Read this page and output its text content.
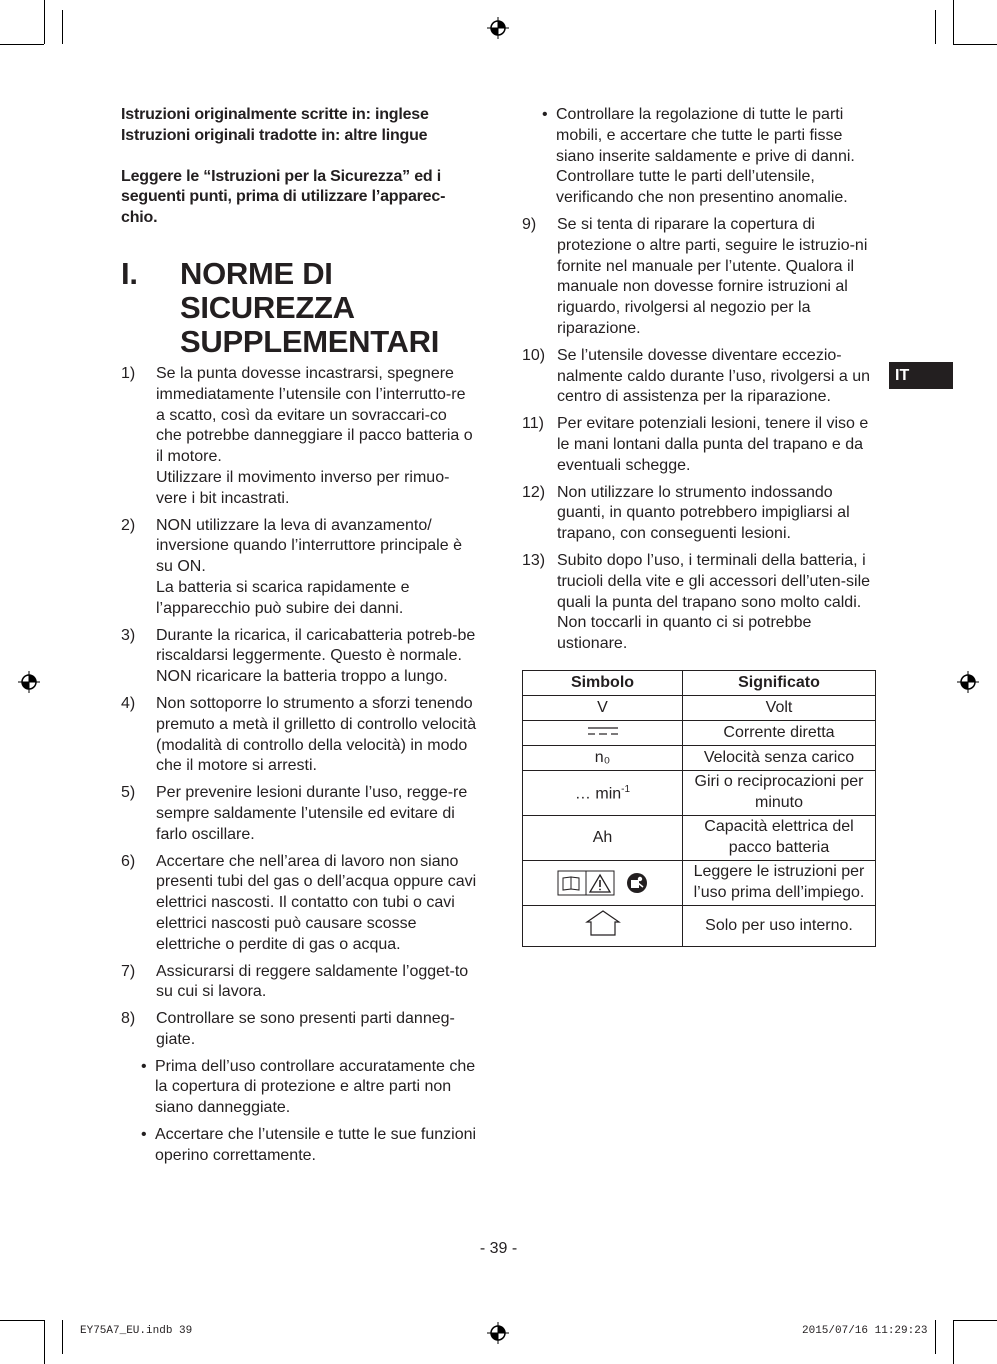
Istruzioni originalmente scritte in: inglese

Istruzioni originali tradotte in: altre lingue

Leggere le “Istruzioni per la Sicurezza” ed i seguenti punti, prima di utilizzare l’apparec-chio.

I.	NORME DI SICUREZZA
SUPPLEMENTARI
1)	Se la punta dovesse incastrarsi, spegnere immediatamente l’utensile con l’interrutto-re a scatto, così da evitare un sovraccari-co che potrebbe danneggiare il pacco batteria o il motore.
Utilizzare il movimento inverso per rimuo-vere i bit incastrati.
2)	NON utilizzare la leva di avanzamento/ inversione quando l’interruttore principale è su ON.
La batteria si scarica rapidamente e l’apparecchio può subire dei danni.
3)	Durante la ricarica, il caricabatteria potreb-be riscaldarsi leggermente. Questo è normale.
NON ricaricare la batteria troppo a lungo.
4)	Non sottoporre lo strumento a sforzi tenendo premuto a metà il grilletto di controllo velocità (modalità di controllo della velocità) in modo che il motore si arresti.
5)	Per prevenire lesioni durante l’uso, regge-re sempre saldamente l’utensile ed evitare di farlo oscillare.
6)	Accertare che nell’area di lavoro non siano presenti tubi del gas o dell’acqua oppure cavi elettrici nascosti. Il contatto con tubi o cavi elettrici nascosti può causare scosse elettriche o perdite di gas o acqua.
7)	Assicurarsi di reggere saldamente l’ogget-to su cui si lavora.
8)	Controllare se sono presenti parti danneg-giate.
• Prima dell’uso controllare accuratamente che la copertura di protezione e altre parti non siano danneggiate.
• Accertare che l’utensile e tutte le sue funzioni operino correttamente.
• Controllare la regolazione di tutte le parti mobili, e accertare che tutte le parti fisse siano inserite saldamente e prive di danni. Controllare tutte le parti dell’utensile, verificando che non presentino anomalie.
9)	Se si tenta di riparare la copertura di protezione o altre parti, seguire le istruzio-ni fornite nel manuale per l’utente. Qualora il manuale non dovesse fornire istruzioni al riguardo, rivolgersi al negozio per la riparazione.
10) Se l’utensile dovesse diventare eccezio-nalmente caldo durante l’uso, rivolgersi a un centro di assistenza per la riparazione.
11) Per evitare potenziali lesioni, tenere il viso e le mani lontani dalla punta del trapano e da eventuali schegge.
12) Non utilizzare lo strumento indossando guanti, in quanto potrebbero impigliarsi al trapano, con conseguenti lesioni.
13) Subito dopo l’uso, i terminali della batteria, i trucioli della vite e gli accessori dell’uten-sile quali la punta del trapano sono molto caldi. Non toccarli in quanto ci si potrebbe ustionare.
Simbolo	Significato
V	Volt
	Corrente diretta
n₀	Velocità senza carico
… $\min^{-1}$	Giri o reciprocazioni per minuto
Ah	Capacità elettrica del pacco batteria
	Leggere le istruzioni per l’uso prima dell’impiego.
	Solo per uso interno.
IT
- 39 -
EY75A7_EU.indb 39	2015/07/16 11:29:23
